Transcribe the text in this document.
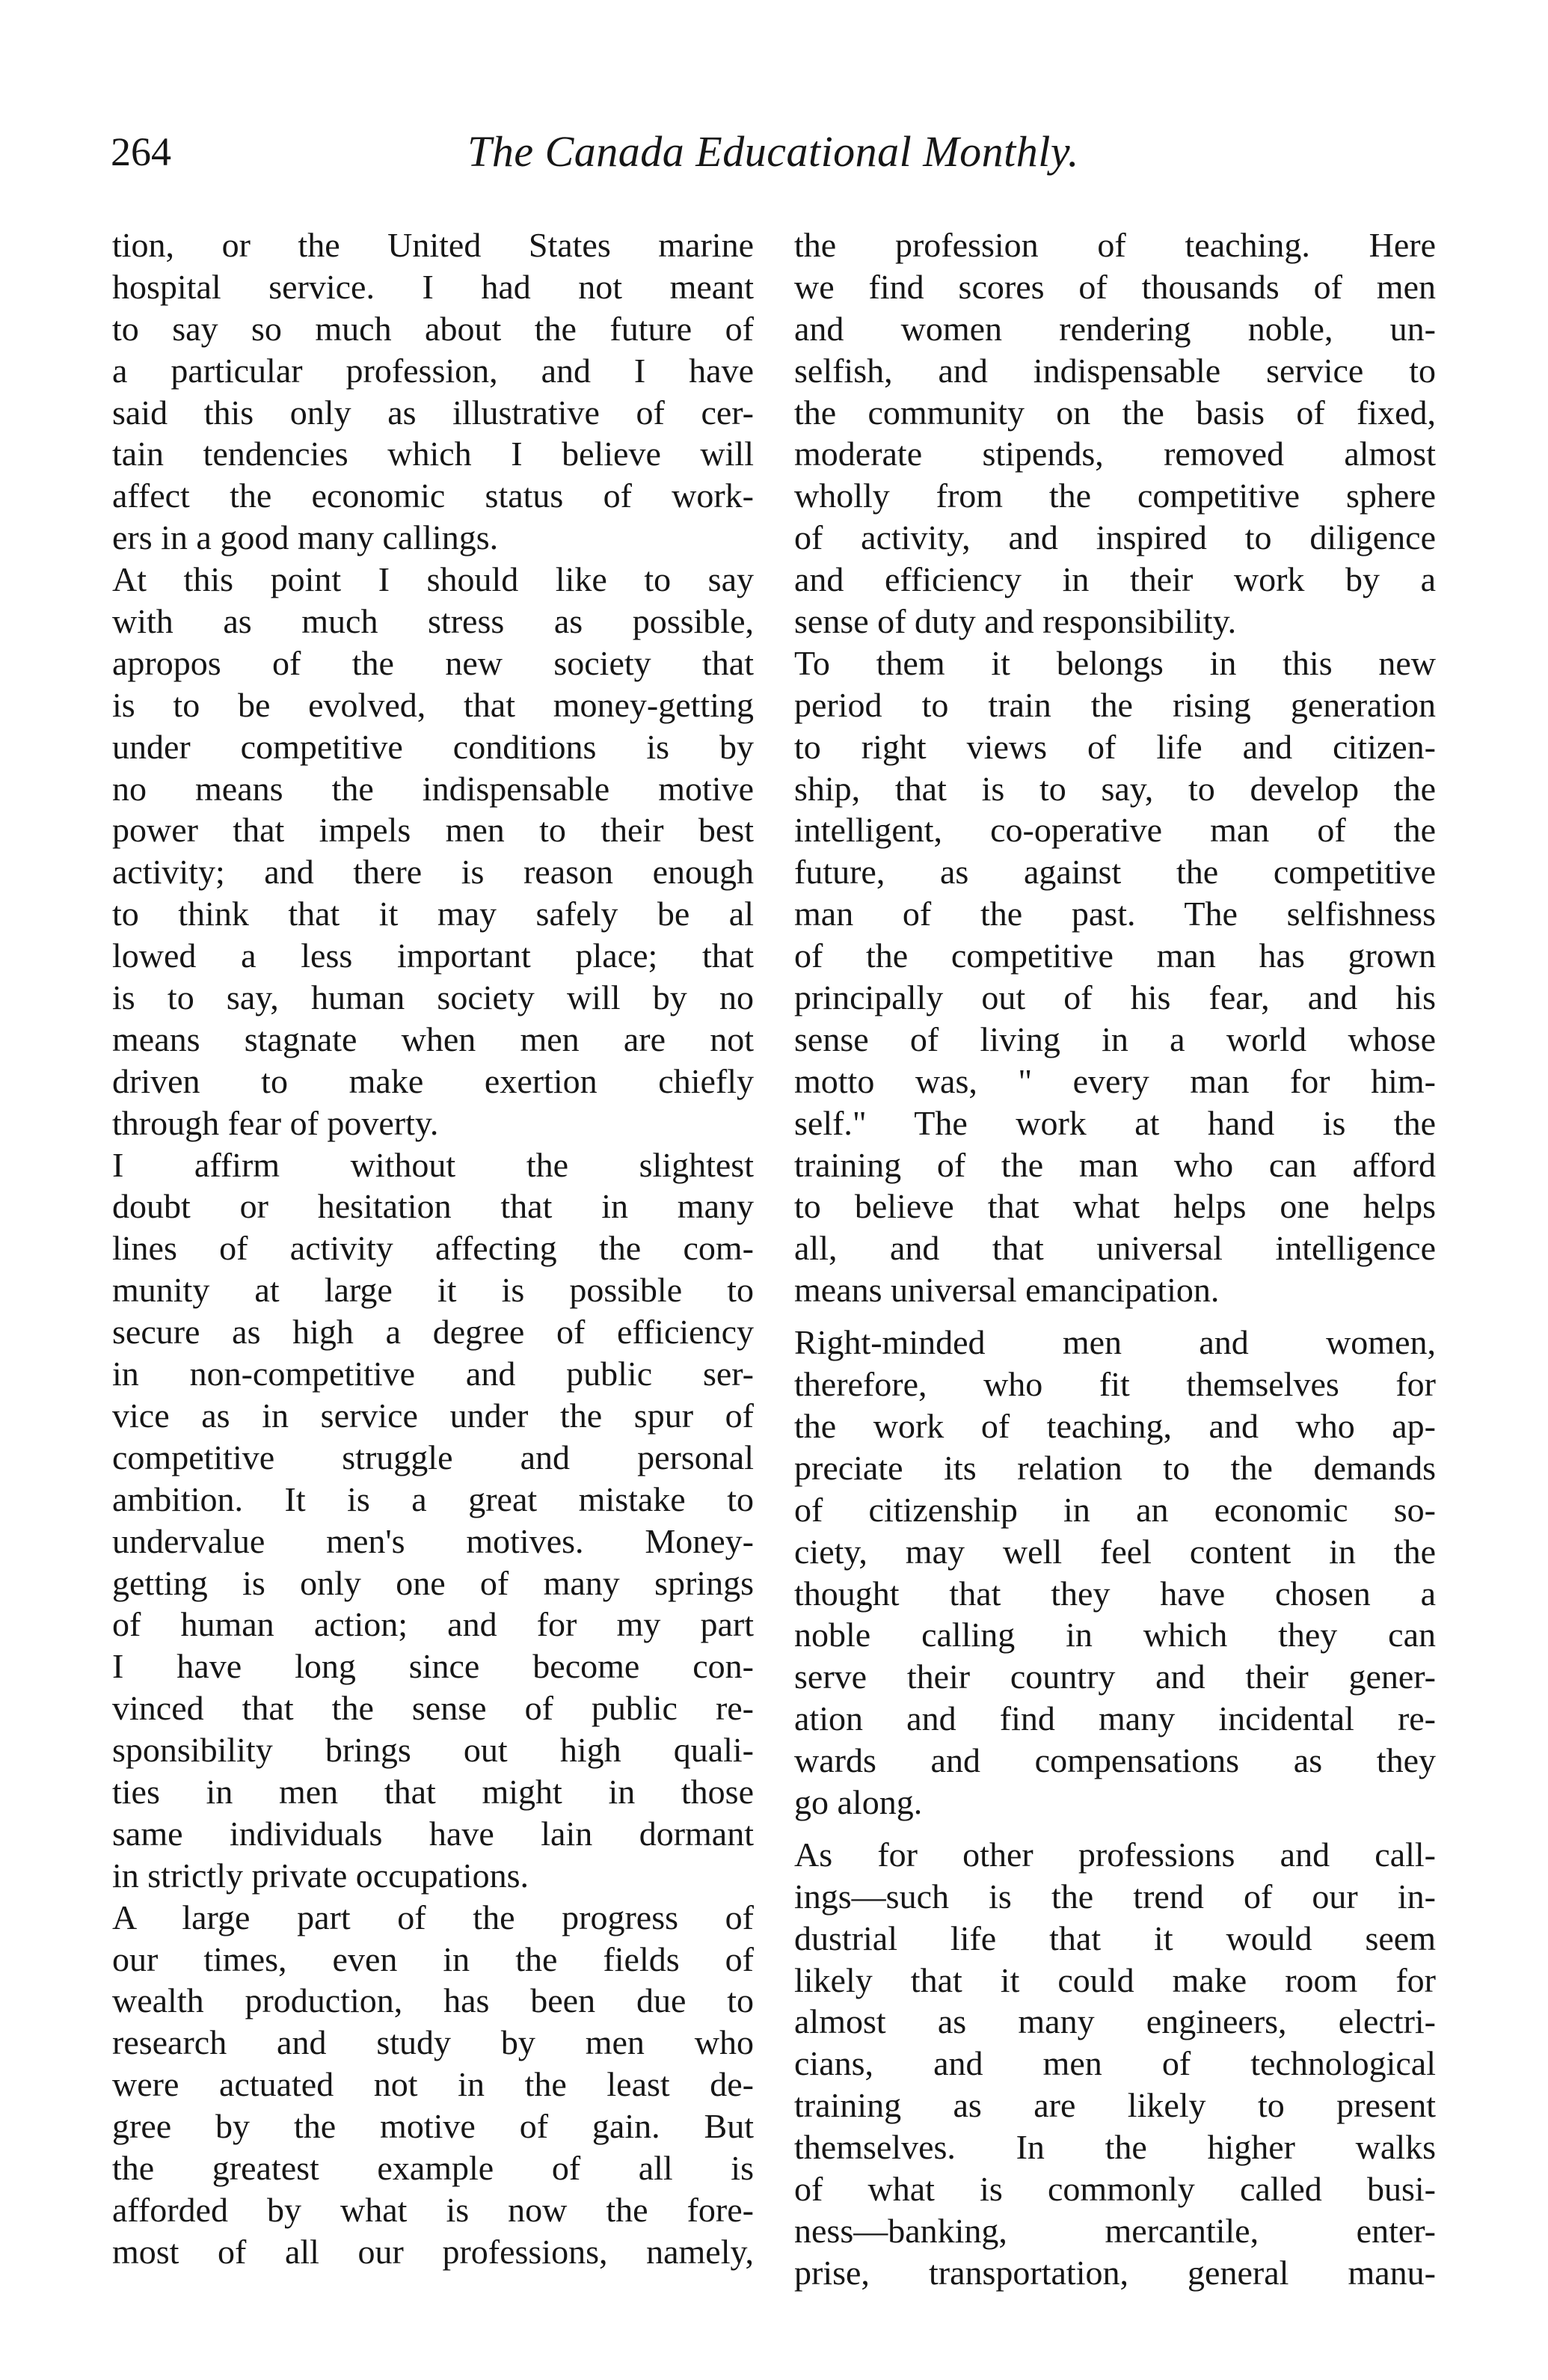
264	The Canada Educational Monthly.
tion, or the United States marine
hospital service. I had not meant
to say so much about the future of
a particular profession, and I have
said this only as illustrative of cer-
tain tendencies which I believe will
affect the economic status of work-
ers in a good many callings.
At this point I should like to say
with as much stress as possible,
apropos of the new society that
is to be evolved, that money-getting
under competitive conditions is by
no means the indispensable motive
power that impels men to their best
activity; and there is reason enough
to think that it may safely be al
lowed a less important place; that
is to say, human society will by no
means stagnate when men are not
driven to make exertion chiefly
through fear of poverty.
I affirm without the slightest
doubt or hesitation that in many
lines of activity affecting the com-
munity at large it is possible to
secure as high a degree of efficiency
in non-competitive and public ser-
vice as in service under the spur of
competitive struggle and personal
ambition. It is a great mistake to
undervalue men's motives. Money-
getting is only one of many springs
of human action; and for my part
I have long since become con-
vinced that the sense of public re-
sponsibility brings out high quali-
ties in men that might in those
same individuals have lain dormant
in strictly private occupations.
A large part of the progress of
our times, even in the fields of
wealth production, has been due to
research and study by men who
were actuated not in the least de-
gree by the motive of gain. But
the greatest example of all is
afforded by what is now the fore-
most of all our professions, namely,
the profession of teaching. Here
we find scores of thousands of men
and women rendering noble, un-
selfish, and indispensable service to
the community on the basis of fixed,
moderate stipends, removed almost
wholly from the competitive sphere
of activity, and inspired to diligence
and efficiency in their work by a
sense of duty and responsibility.
To them it belongs in this new
period to train the rising generation
to right views of life and citizen-
ship, that is to say, to develop the
intelligent, co-operative man of the
future, as against the competitive
man of the past. The selfishness
of the competitive man has grown
principally out of his fear, and his
sense of living in a world whose
motto was, " every man for him-
self." The work at hand is the
training of the man who can afford
to believe that what helps one helps
all, and that universal intelligence
means universal emancipation.
Right-minded men and women,
therefore, who fit themselves for
the work of teaching, and who ap-
preciate its relation to the demands
of citizenship in an economic so-
ciety, may well feel content in the
thought that they have chosen a
noble calling in which they can
serve their country and their gener-
ation and find many incidental re-
wards and compensations as they
go along.
As for other professions and call-
ings—such is the trend of our in-
dustrial life that it would seem
likely that it could make room for
almost as many engineers, electri-
cians, and men of technological
training as are likely to present
themselves. In the higher walks
of what is commonly called busi-
ness—banking, mercantile, enter-
prise, transportation, general manu-
